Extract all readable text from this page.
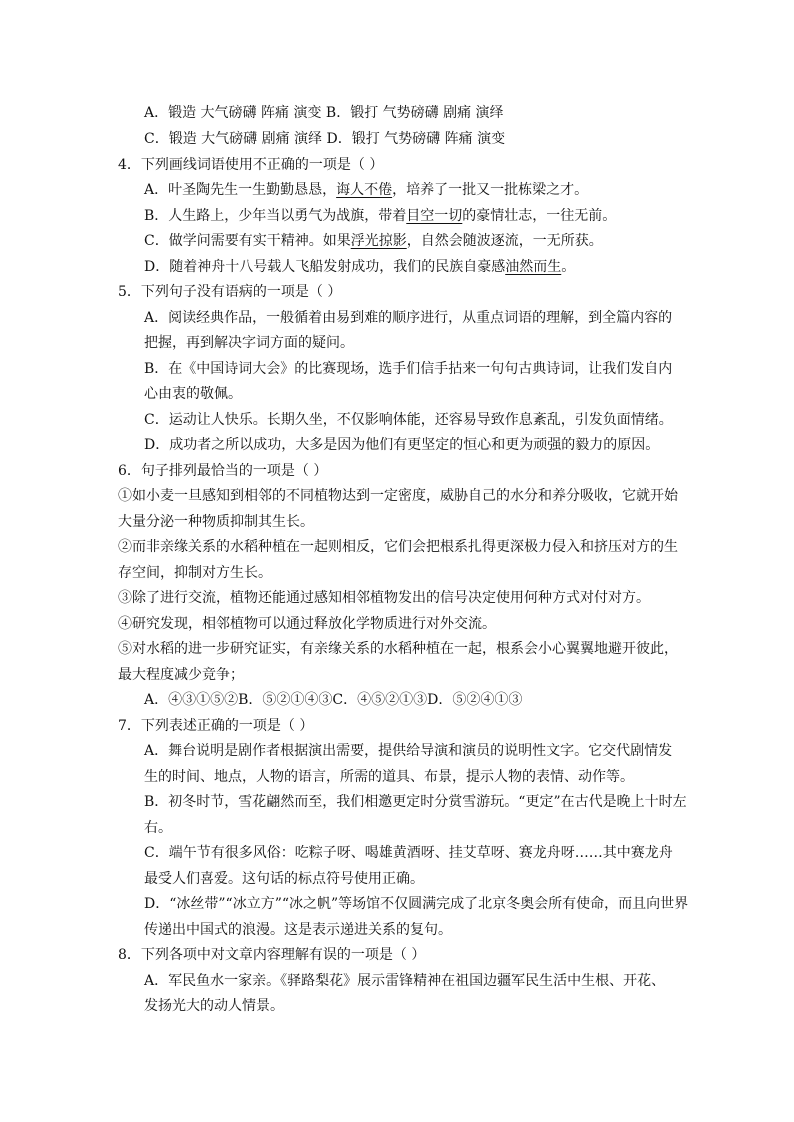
A．锻造 大气磅礴 阵痛 演变 B．锻打 气势磅礴 剧痛 演绎
C．锻造 大气磅礴 剧痛 演绎 D．锻打 气势磅礴 阵痛 演变
4．下列画线词语使用不正确的一项是（ ）
A．叶圣陶先生一生勤勤恳恳，诲人不倦，培养了一批又一批栋梁之才。
B．人生路上，少年当以勇气为战旗，带着目空一切的豪情壮志，一往无前。
C．做学问需要有实干精神。如果浮光掠影，自然会随波逐流，一无所获。
D．随着神舟十八号载人飞船发射成功，我们的民族自豪感油然而生。
5．下列句子没有语病的一项是（ ）
A．阅读经典作品，一般循着由易到难的顺序进行，从重点词语的理解，到全篇内容的
把握，再到解决字词方面的疑问。
B．在《中国诗词大会》的比赛现场，选手们信手拈来一句句古典诗词，让我们发自内
心由衷的敬佩。
C．运动让人快乐。长期久坐，不仅影响体能，还容易导致作息紊乱，引发负面情绪。
D．成功者之所以成功，大多是因为他们有更坚定的恒心和更为顽强的毅力的原因。
6．句子排列最恰当的一项是（ ）
①如小麦一旦感知到相邻的不同植物达到一定密度，威胁自己的水分和养分吸收，它就开始
大量分泌一种物质抑制其生长。
②而非亲缘关系的水稻种植在一起则相反，它们会把根系扎得更深极力侵入和挤压对方的生
存空间，抑制对方生长。
③除了进行交流，植物还能通过感知相邻植物发出的信号决定使用何种方式对付对方。
④研究发现，相邻植物可以通过释放化学物质进行对外交流。
⑤对水稻的进一步研究证实，有亲缘关系的水稻种植在一起，根系会小心翼翼地避开彼此，
最大程度减少竞争；
A．④③①⑤②B．⑤②①④③C．④⑤②①③D．⑤②④①③
7．下列表述正确的一项是（ ）
A．舞台说明是剧作者根据演出需要，提供给导演和演员的说明性文字。它交代剧情发
生的时间、地点，人物的语言，所需的道具、布景，提示人物的表情、动作等。
B．初冬时节，雪花翩然而至，我们相邀更定时分赏雪游玩。“更定”在古代是晚上十时左
右。
C．端午节有很多风俗：吃粽子呀、喝雄黄酒呀、挂艾草呀、赛龙舟呀……其中赛龙舟
最受人们喜爱。这句话的标点符号使用正确。
D．“冰丝带”“冰立方”“冰之帆”等场馆不仅圆满完成了北京冬奥会所有使命，而且向世界
传递出中国式的浪漫。这是表示递进关系的复句。
8．下列各项中对文章内容理解有误的一项是（ ）
A．军民鱼水一家亲。《驿路梨花》展示雷锋精神在祖国边疆军民生活中生根、开花、
发扬光大的动人情景。
